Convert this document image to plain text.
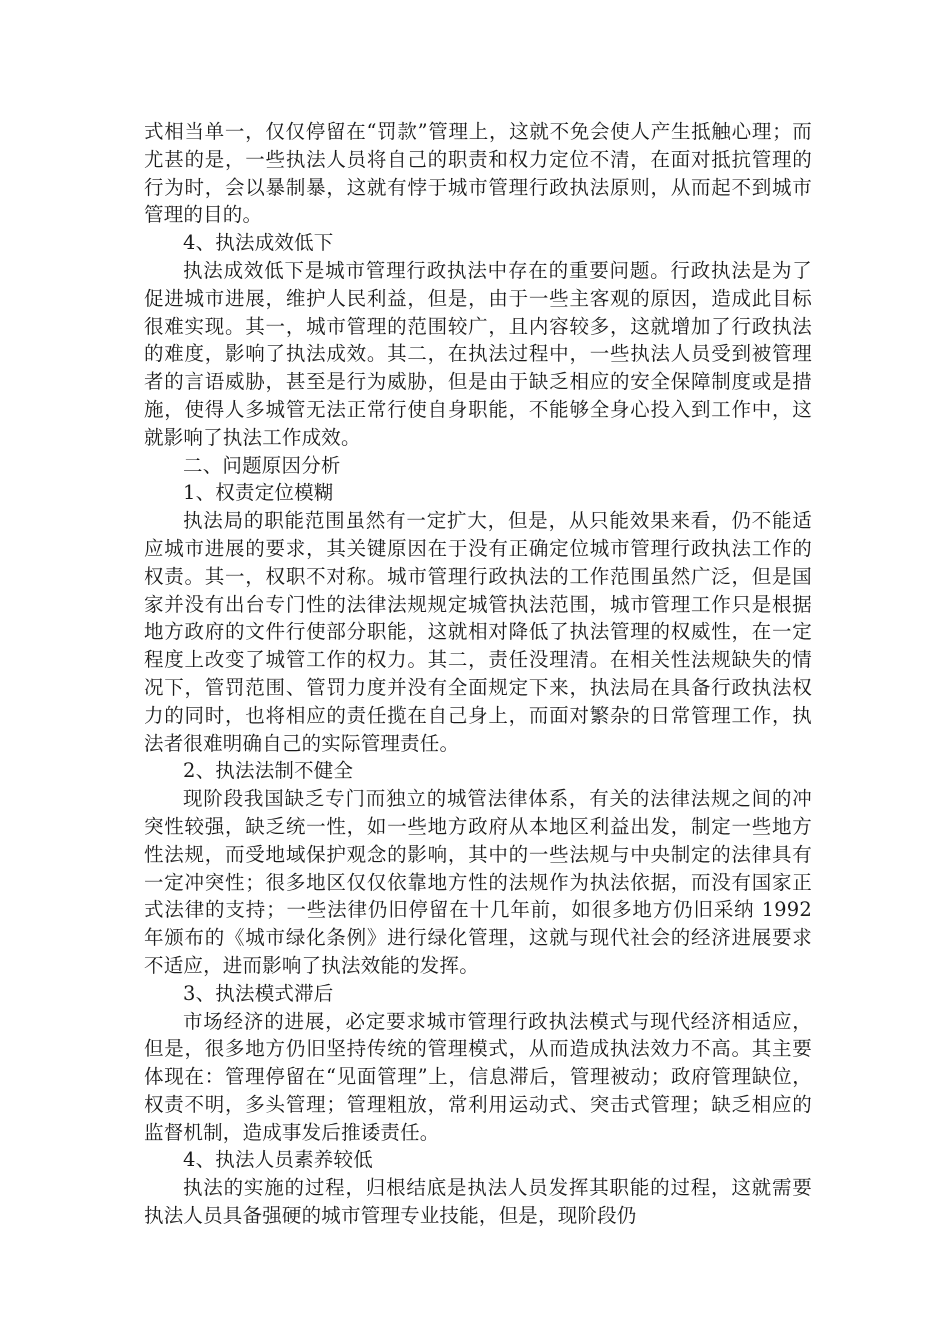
式相当单一，仅仅停留在“罚款”管理上，这就不免会使人产生抵触心理；而尤甚的是，一些执法人员将自己的职责和权力定位不清，在面对抵抗管理的行为时，会以暴制暴，这就有悖于城市管理行政执法原则，从而起不到城市管理的目的。

4、执法成效低下

执法成效低下是城市管理行政执法中存在的重要问题。行政执法是为了促进城市进展，维护人民利益，但是，由于一些主客观的原因，造成此目标很难实现。其一，城市管理的范围较广，且内容较多，这就增加了行政执法的难度，影响了执法成效。其二，在执法过程中，一些执法人员受到被管理者的言语威胁，甚至是行为威胁，但是由于缺乏相应的安全保障制度或是措施，使得人多城管无法正常行使自身职能，不能够全身心投入到工作中，这就影响了执法工作成效。

二、问题原因分析

1、权责定位模糊

执法局的职能范围虽然有一定扩大，但是，从只能效果来看，仍不能适应城市进展的要求，其关键原因在于没有正确定位城市管理行政执法工作的权责。其一，权职不对称。城市管理行政执法的工作范围虽然广泛，但是国家并没有出台专门性的法律法规规定城管执法范围，城市管理工作只是根据地方政府的文件行使部分职能，这就相对降低了执法管理的权威性，在一定程度上改变了城管工作的权力。其二，责任没理清。在相关性法规缺失的情况下，管罚范围、管罚力度并没有全面规定下来，执法局在具备行政执法权力的同时，也将相应的责任揽在自己身上，而面对繁杂的日常管理工作，执法者很难明确自己的实际管理责任。

2、执法法制不健全

现阶段我国缺乏专门而独立的城管法律体系，有关的法律法规之间的冲突性较强，缺乏统一性，如一些地方政府从本地区利益出发，制定一些地方性法规，而受地域保护观念的影响，其中的一些法规与中央制定的法律具有一定冲突性；很多地区仅仅依靠地方性的法规作为执法依据，而没有国家正式法律的支持；一些法律仍旧停留在十几年前，如很多地方仍旧采纳 1992 年颁布的《城市绿化条例》进行绿化管理，这就与现代社会的经济进展要求不适应，进而影响了执法效能的发挥。

3、执法模式滞后

市场经济的进展，必定要求城市管理行政执法模式与现代经济相适应，但是，很多地方仍旧坚持传统的管理模式，从而造成执法效力不高。其主要体现在：管理停留在“见面管理”上，信息滞后，管理被动；政府管理缺位，权责不明，多头管理；管理粗放，常利用运动式、突击式管理；缺乏相应的监督机制，造成事发后推诿责任。

4、执法人员素养较低

执法的实施的过程，归根结底是执法人员发挥其职能的过程，这就需要执法人员具备强硬的城市管理专业技能，但是，现阶段仍
